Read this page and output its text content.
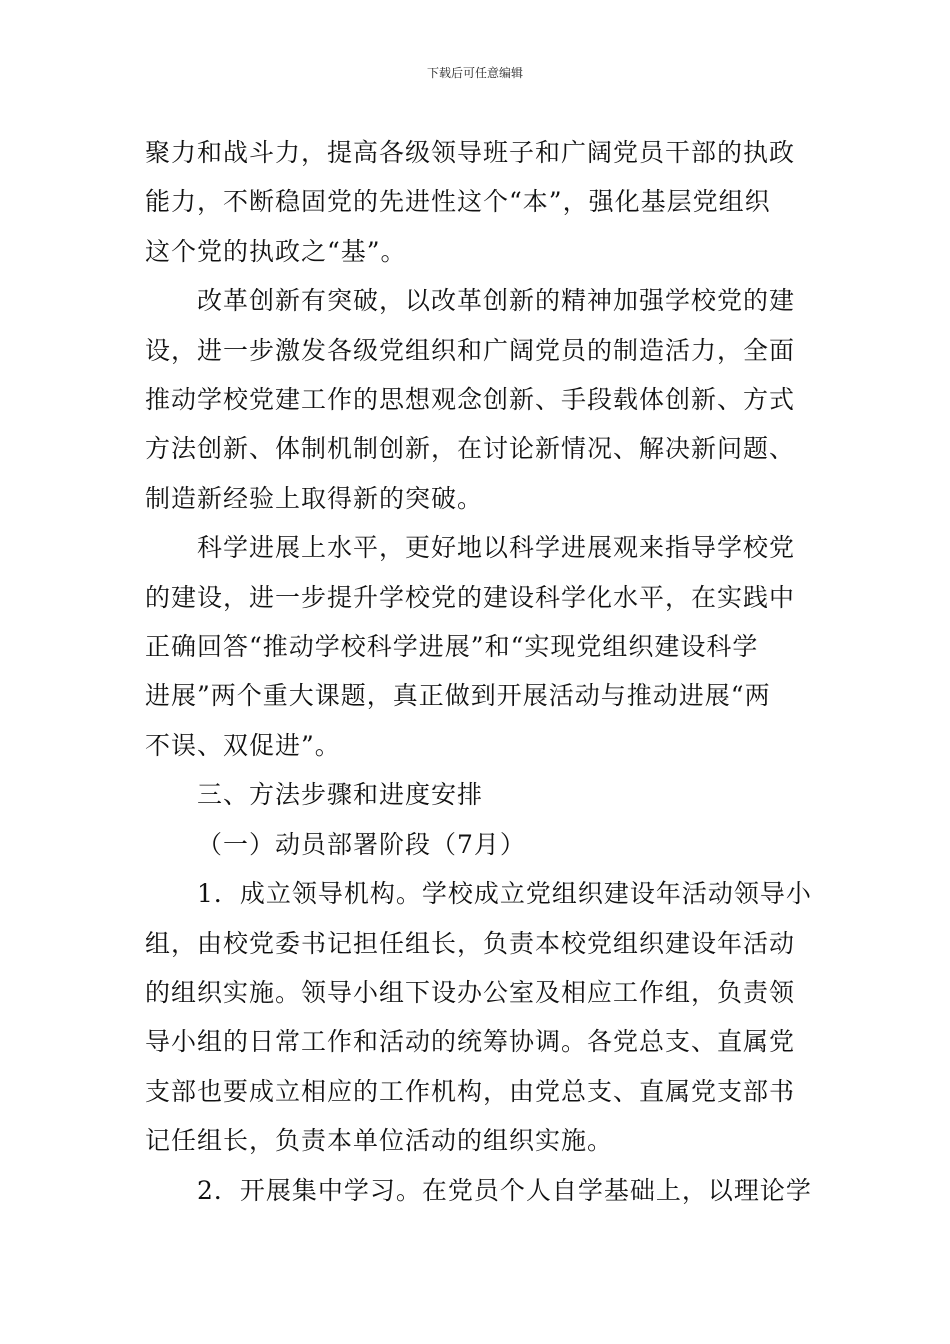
下载后可任意编辑

聚力和战斗力，提高各级领导班子和广阔党员干部的执政
能力，不断稳固党的先进性这个“本”，强化基层党组织
这个党的执政之“基”。

改革创新有突破，以改革创新的精神加强学校党的建
设，进一步激发各级党组织和广阔党员的制造活力，全面
推动学校党建工作的思想观念创新、手段载体创新、方式
方法创新、体制机制创新，在讨论新情况、解决新问题、
制造新经验上取得新的突破。

科学进展上水平，更好地以科学进展观来指导学校党
的建设，进一步提升学校党的建设科学化水平，在实践中
正确回答“推动学校科学进展”和“实现党组织建设科学
进展”两个重大课题，真正做到开展活动与推动进展“两
不误、双促进”。

三、方法步骤和进度安排

（一）动员部署阶段（7月）

1．成立领导机构。学校成立党组织建设年活动领导小
组，由校党委书记担任组长，负责本校党组织建设年活动
的组织实施。领导小组下设办公室及相应工作组，负责领
导小组的日常工作和活动的统筹协调。各党总支、直属党
支部也要成立相应的工作机构，由党总支、直属党支部书
记任组长，负责本单位活动的组织实施。

2．开展集中学习。在党员个人自学基础上，以理论学
